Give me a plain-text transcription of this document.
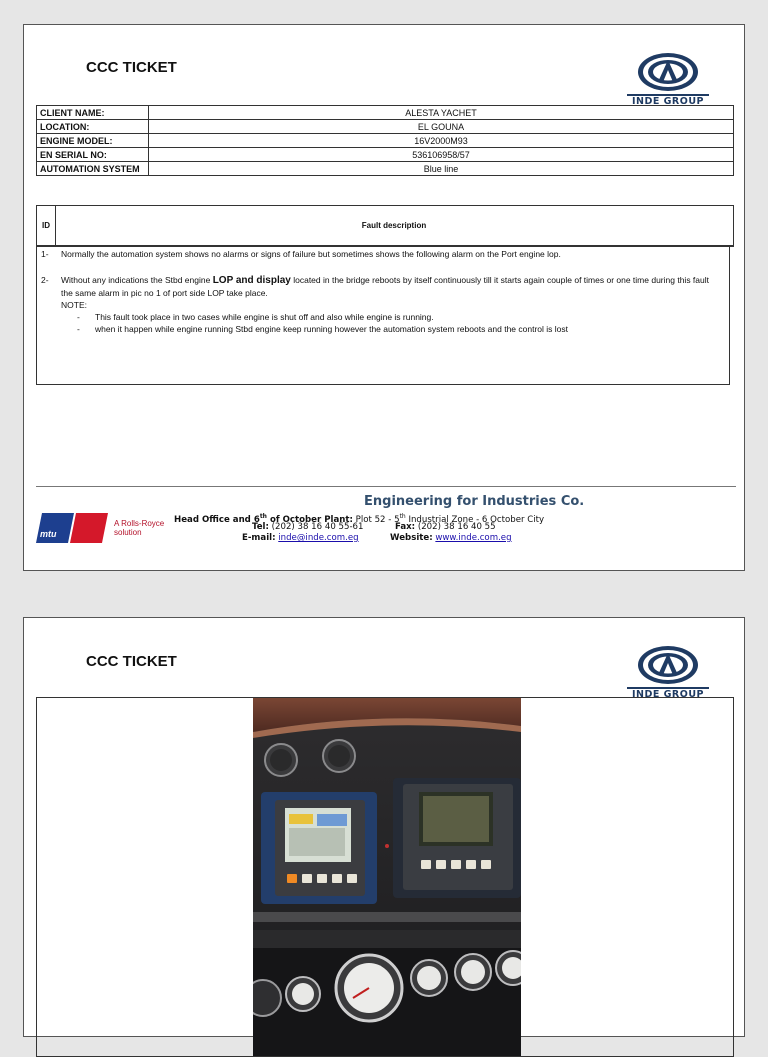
CCC TICKET
INDE GROUP
CLIENT NAME:	ALESTA YACHET
LOCATION:	EL GOUNA
ENGINE MODEL:	16V2000M93
EN SERIAL NO:	536106958/57
AUTOMATION SYSTEM	Blue line
ID	Fault description
1-	Normally the automation system shows no alarms or signs of failure but sometimes shows the following alarm on the Port engine lop.
2-	Without any indications the Stbd engine LOP and display located in the bridge reboots by itself continuously till it starts again couple of times or one time during this fault the same alarm in pic no 1 of port side LOP take place.
NOTE:
- This fault took place in two cases while engine is shut off and also while engine is running.
- when it happen while engine running Stbd engine keep running however the automation system reboots and the control is lost
mtu
A Rolls-Royce
solution
Engineering for Industries Co.
Head Office and 6th of October Plant: Plot 52 - 5th Industrial Zone - 6 October City
Tel: (202) 38 16 40 55-61	Fax: (202) 38 16 40 55
E-mail: inde@inde.com.eg	Website: www.inde.com.eg
CCC TICKET
INDE GROUP
